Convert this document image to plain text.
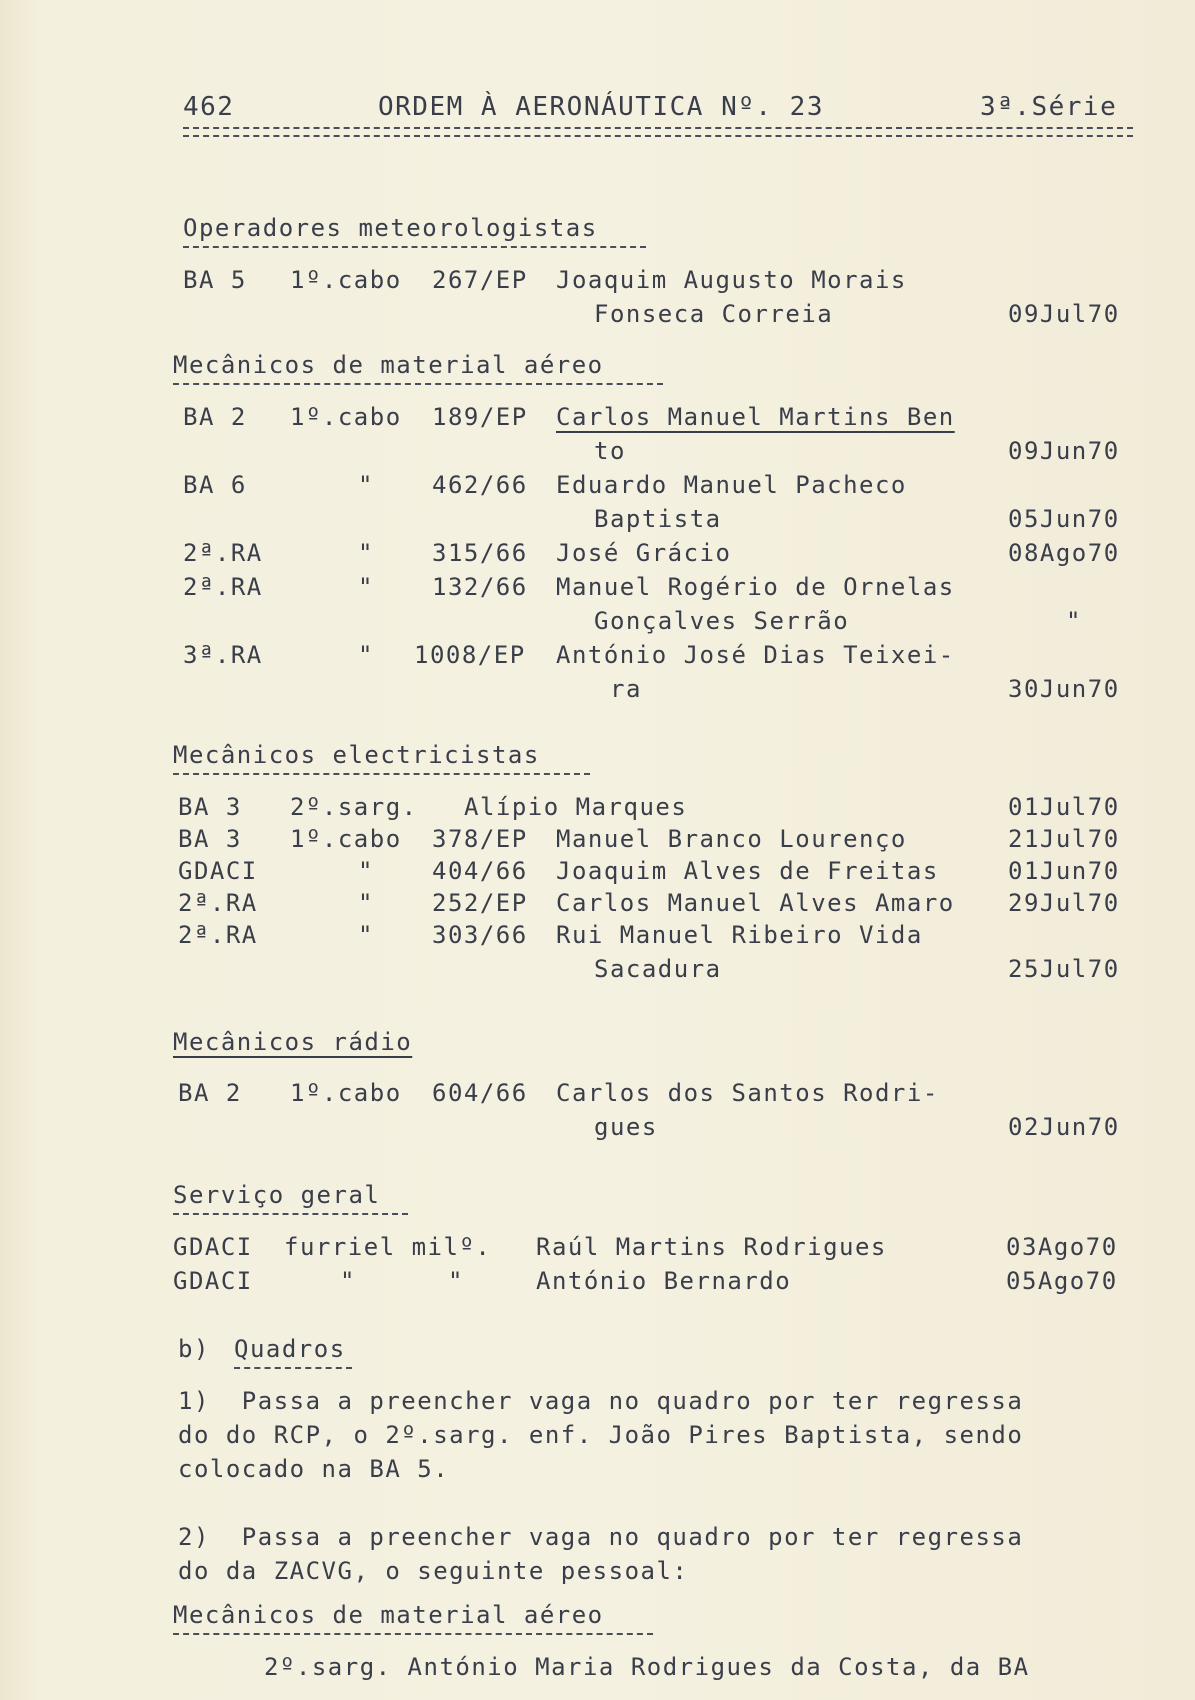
462	ORDEM À AERONÁUTICA Nº. 23	3ª.Série
Operadores meteorologistas
BA 5 1º.cabo 267/EP Joaquim Augusto Morais
Fonseca Correia	09Jul70
Mecânicos de material aéreo
BA 2 1º.cabo 189/EP Carlos Manuel Martins Ben
to	09Jun70
BA 6	" 462/66 Eduardo Manuel Pacheco
Baptista	05Jun70
2ª.RA	" 315/66 José Grácio	08Ago70
2ª.RA	" 132/66 Manuel Rogério de Ornelas
Gonçalves Serrão	"
3ª.RA	" 1008/EP António José Dias Teixei-
ra	30Jun70
Mecânicos electricistas
BA 3 2º.sarg. Alípio Marques	01Jul70
BA 3 1º.cabo 378/EP Manuel Branco Lourenço	21Jul70
GDACI	" 404/66 Joaquim Alves de Freitas	01Jun70
2ª.RA	" 252/EP Carlos Manuel Alves Amaro 29Jul70
2ª.RA	" 303/66 Rui Manuel Ribeiro Vida
Sacadura	25Jul70
Mecânicos rádio
BA 2 1º.cabo 604/66 Carlos dos Santos Rodri-
gues	02Jun70
Serviço geral
GDACI furriel milº. Raúl Martins Rodrigues	03Ago70
GDACI	"	"	António Bernardo	05Ago70
b) Quadros
1)  Passa a preencher vaga no quadro por ter regressa
do do RCP, o 2º.sarg. enf. João Pires Baptista, sendo
colocado na BA 5.
2)  Passa a preencher vaga no quadro por ter regressa
do da ZACVG, o seguinte pessoal:
Mecânicos de material aéreo
2º.sarg. António Maria Rodrigues da Costa, da BA
